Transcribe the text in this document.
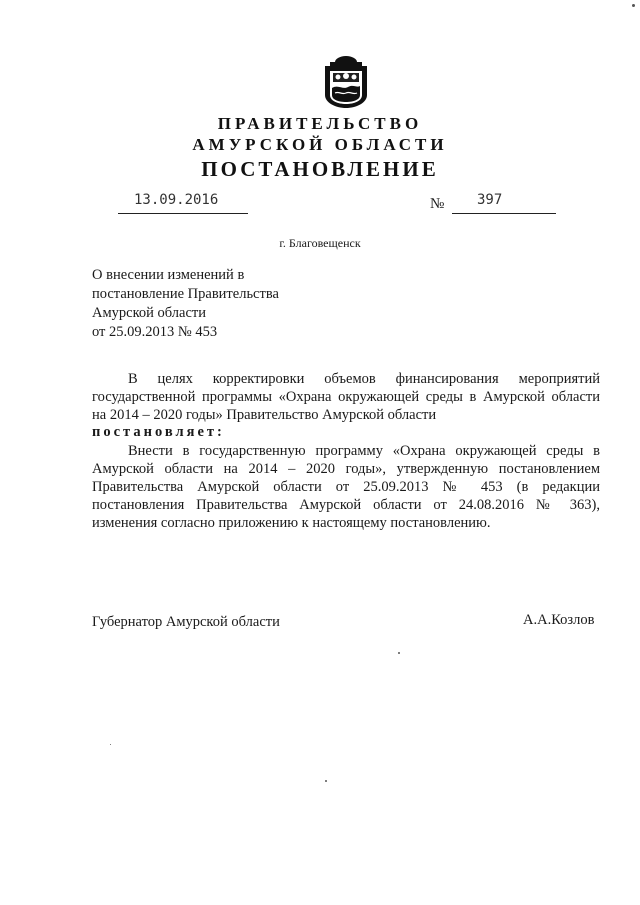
ПРАВИТЕЛЬСТВО
АМУРСКОЙ ОБЛАСТИ
ПОСТАНОВЛЕНИЕ
13.09.2016	№ 397
г. Благовещенск
О внесении изменений в
постановление Правительства
Амурской области
от 25.09.2013 № 453
В целях корректировки объемов финансирования мероприятий
государственной программы «Охрана окружающей среды в Амурской области
на 2014 – 2020 годы» Правительство Амурской области
постановляет:
Внести в государственную программу «Охрана окружающей среды в
Амурской области на 2014 – 2020 годы», утвержденную постановлением
Правительства Амурской области от 25.09.2013 № 453 (в редакции
постановления Правительства Амурской области от 24.08.2016 № 363),
изменения согласно приложению к настоящему постановлению.
Губернатор Амурской области	А.А.Козлов
